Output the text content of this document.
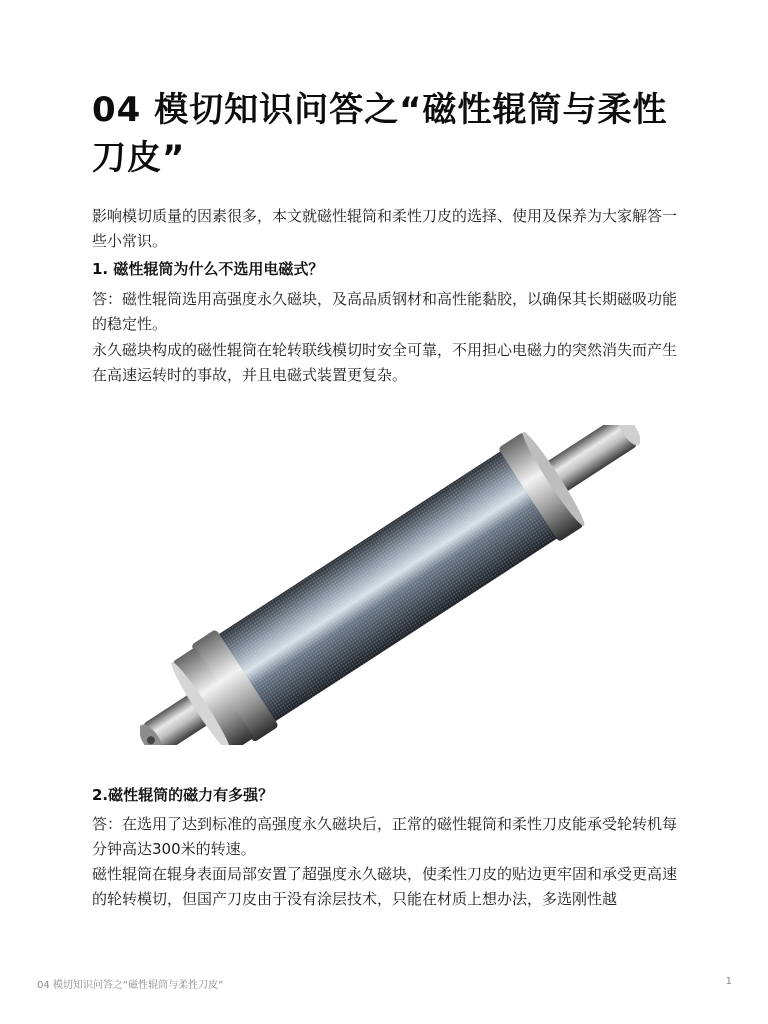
04 模切知识问答之“磁性辊筒与柔性刀皮”

影响模切质量的因素很多，本文就磁性辊筒和柔性刀皮的选择、使用及保养为大家解答一些小常识。

1. 磁性辊筒为什么不选用电磁式？

答：磁性辊筒选用高强度永久磁块，及高品质钢材和高性能黏胶，以确保其长期磁吸功能的稳定性。

永久磁块构成的磁性辊筒在轮转联线模切时安全可靠，不用担心电磁力的突然消失而产生在高速运转时的事故，并且电磁式装置更复杂。

2.磁性辊筒的磁力有多强？

答：在选用了达到标准的高强度永久磁块后，正常的磁性辊筒和柔性刀皮能承受轮转机每分钟高达300米的转速。

磁性辊筒在辊身表面局部安置了超强度永久磁块，使柔性刀皮的贴边更牢固和承受更高速的轮转模切，但国产刀皮由于没有涂层技术，只能在材质上想办法，多选刚性越

04 模切知识问答之“磁性辊筒与柔性刀皮”	1
